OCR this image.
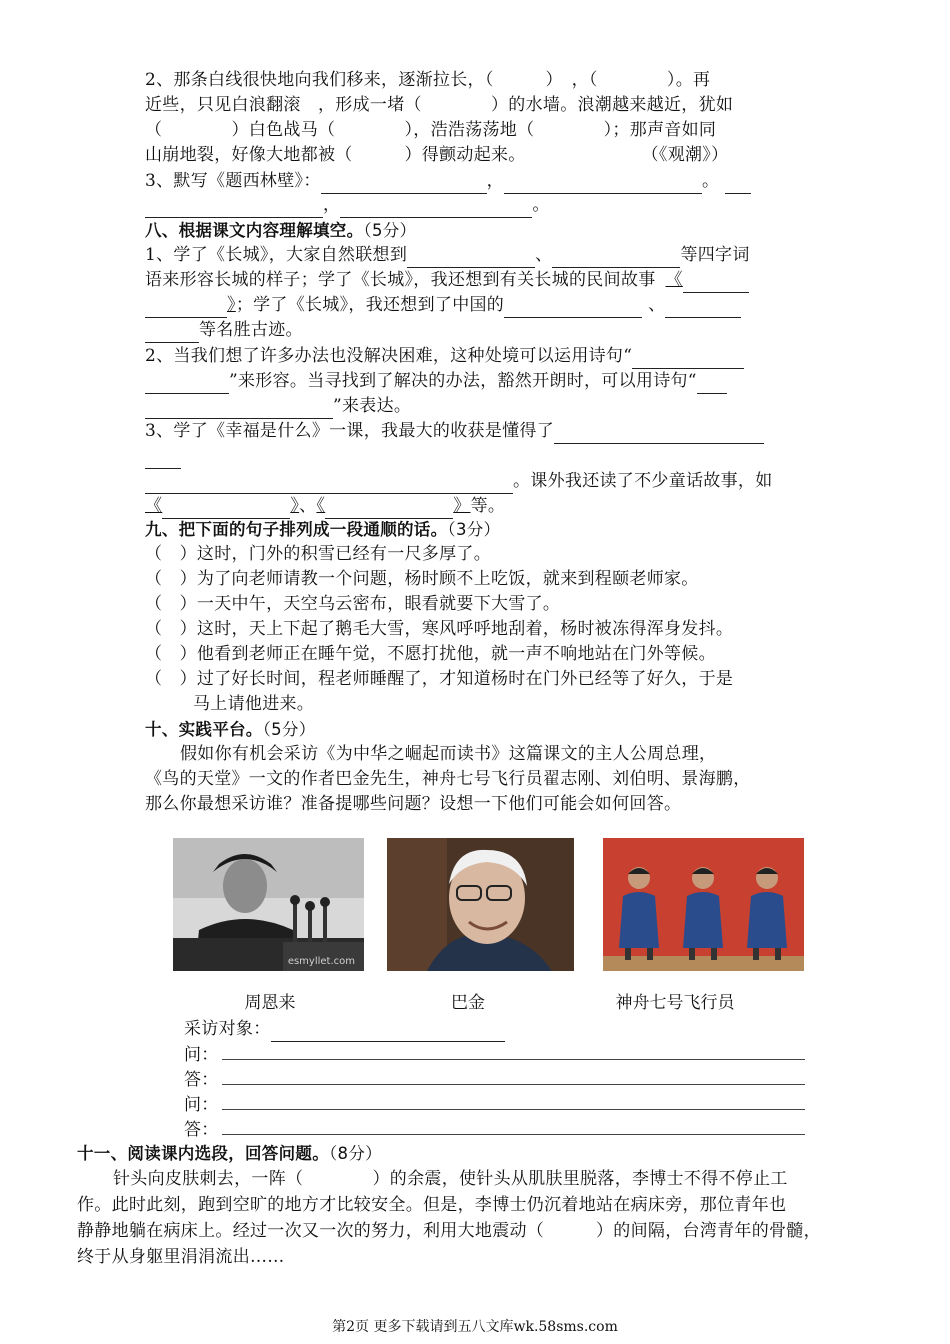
2、那条白线很快地向我们移来，逐渐拉长，（　　　）　，（　　　　）。再
近些，只见白浪翻滚　，形成一堵（　　　　）的水墙。浪潮越来越近，犹如
（　　　　）白色战马（　　　　），浩浩荡荡地（　　　　）；那声音如同
山崩地裂，好像大地都被（　　　）得颤动起来。	（《观潮》）
3、默写《题西林壁》：	，	。
，	。
八、根据课文内容理解填空。（5分）
1、学了《长城》，大家自然联想到	、	等四字词
语来形容长城的样子；学了《长城》，我还想到有关长城的民间故事 《
》；学了《长城》，我还想到了中国的	、
等名胜古迹。
2、当我们想了许多办法也没解决困难，这种处境可以运用诗句“
”来形容。当寻找到了解决的办法，豁然开朗时，可以用诗句“
”来表达。
3、学了《幸福是什么》一课，我最大的收获是懂得了
。课外我还读了不少童话故事，如
《	》、《	》等。
九、把下面的句子排列成一段通顺的话。（3分）
（　）这时，门外的积雪已经有一尺多厚了。
（　）为了向老师请教一个问题，杨时顾不上吃饭，就来到程颐老师家。
（　）一天中午，天空乌云密布，眼看就要下大雪了。
（　）这时，天上下起了鹅毛大雪，寒风呼呼地刮着，杨时被冻得浑身发抖。
（　）他看到老师正在睡午觉，不愿打扰他，就一声不响地站在门外等候。
（　）过了好长时间，程老师睡醒了，才知道杨时在门外已经等了好久，于是
马上请他进来。
十、实践平台。（5分）
假如你有机会采访《为中华之崛起而读书》这篇课文的主人公周总理，
《鸟的天堂》一文的作者巴金先生，神舟七号飞行员翟志刚、刘伯明、景海鹏，
那么你最想采访谁？准备提哪些问题？设想一下他们可能会如何回答。
esmyllet.com
周恩来	巴金	神舟七号飞行员
采访对象：
问：
答：
问：
答：
十一、阅读课内选段，回答问题。（8分）
针头向皮肤刺去，一阵（　　　　）的余震，使针头从肌肤里脱落，李博士不得不停止工
作。此时此刻，跑到空旷的地方才比较安全。但是，李博士仍沉着地站在病床旁，那位青年也
静静地躺在病床上。经过一次又一次的努力，利用大地震动（　　　）的间隔，台湾青年的骨髓，
终于从身躯里涓涓流出……
第2页 更多下载请到五八文库wk.58sms.com
